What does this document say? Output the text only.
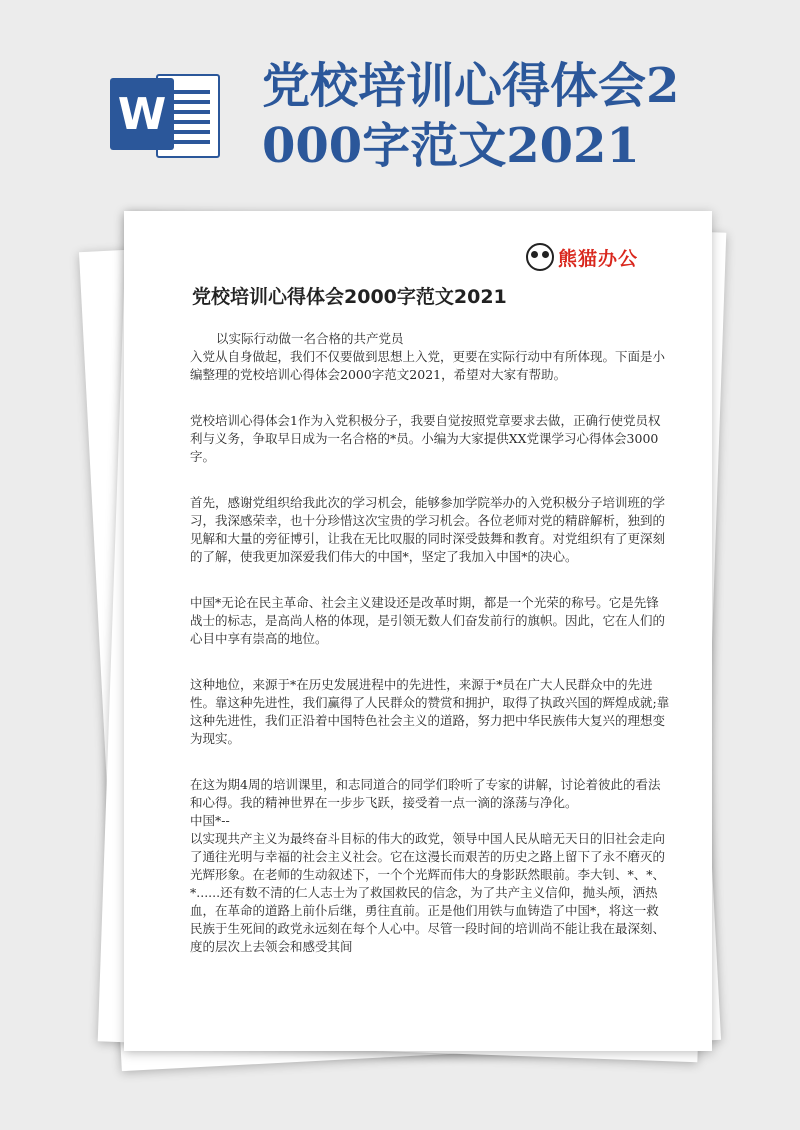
W 党校培训心得体会2000字范文2021
熊猫办公
党校培训心得体会2000字范文2021

以实际行动做一名合格的共产党员

入党从自身做起，我们不仅要做到思想上入党，更要在实际行动中有所体现。下面是小编整理的党校培训心得体会2000字范文2021，希望对大家有帮助。

党校培训心得体会1作为入党积极分子，我要自觉按照党章要求去做，正确行使党员权利与义务，争取早日成为一名合格的*员。小编为大家提供XX党课学习心得体会3000字。

首先，感谢党组织给我此次的学习机会，能够参加学院举办的入党积极分子培训班的学习，我深感荣幸，也十分珍惜这次宝贵的学习机会。各位老师对党的精辟解析，独到的见解和大量的旁征博引，让我在无比叹服的同时深受鼓舞和教育。对党组织有了更深刻的了解，使我更加深爱我们伟大的中国*，坚定了我加入中国*的决心。

中国*无论在民主革命、社会主义建设还是改革时期，都是一个光荣的称号。它是先锋战士的标志，是高尚人格的体现，是引领无数人们奋发前行的旗帜。因此，它在人们的心目中享有崇高的地位。

这种地位，来源于*在历史发展进程中的先进性，来源于*员在广大人民群众中的先进性。靠这种先进性，我们赢得了人民群众的赞赏和拥护，取得了执政兴国的辉煌成就;靠这种先进性，我们正沿着中国特色社会主义的道路，努力把中华民族伟大复兴的理想变为现实。

在这为期4周的培训课里，和志同道合的同学们聆听了专家的讲解，讨论着彼此的看法和心得。我的精神世界在一步步飞跃，接受着一点一滴的涤荡与净化。

中国*--

以实现共产主义为最终奋斗目标的伟大的政党，领导中国人民从暗无天日的旧社会走向了通往光明与幸福的社会主义社会。它在这漫长而艰苦的历史之路上留下了永不磨灭的光辉形象。在老师的生动叙述下，一个个光辉而伟大的身影跃然眼前。李大钊、*、*、*......还有数不清的仁人志士为了救国救民的信念，为了共产主义信仰，抛头颅，洒热血，在革命的道路上前仆后继，勇往直前。正是他们用铁与血铸造了中国*，将这一救民族于生死间的政党永远刻在每个人心中。尽管一段时间的培训尚不能让我在最深刻、度的层次上去领会和感受其间
